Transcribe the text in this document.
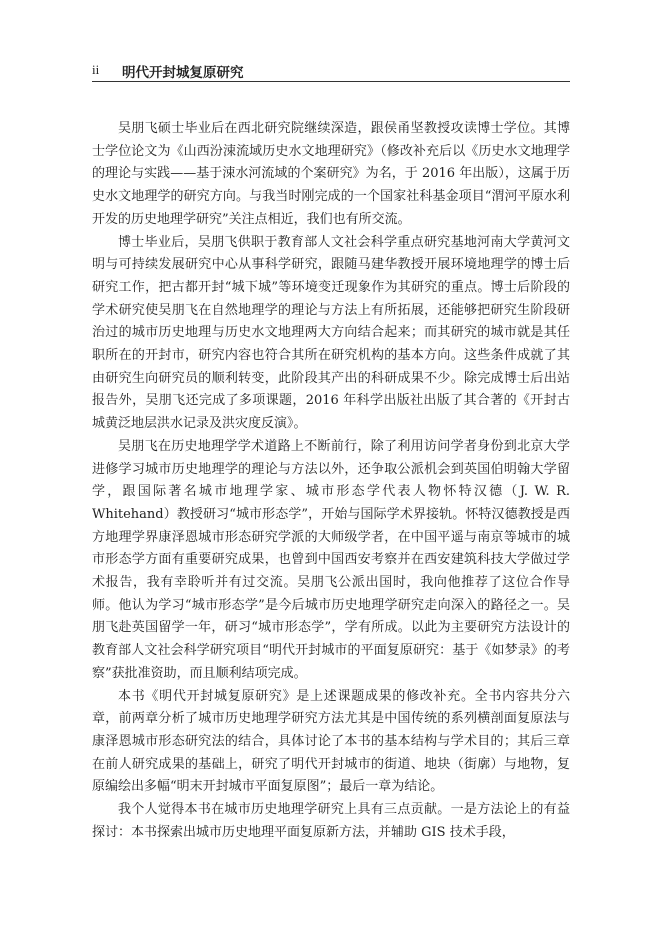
ii 明代开封城复原研究

吴朋飞硕士毕业后在西北研究院继续深造，跟侯甬坚教授攻读博士学位。其博士学位论文为《山西汾涑流域历史水文地理研究》（修改补充后以《历史水文地理学的理论与实践——基于涑水河流域的个案研究》为名，于 2016 年出版），这属于历史水文地理学的研究方向。与我当时刚完成的一个国家社科基金项目“渭河平原水利开发的历史地理学研究”关注点相近，我们也有所交流。

博士毕业后，吴朋飞供职于教育部人文社会科学重点研究基地河南大学黄河文明与可持续发展研究中心从事科学研究，跟随马建华教授开展环境地理学的博士后研究工作，把古都开封“城下城”等环境变迁现象作为其研究的重点。博士后阶段的学术研究使吴朋飞在自然地理学的理论与方法上有所拓展，还能够把研究生阶段研治过的城市历史地理与历史水文地理两大方向结合起来；而其研究的城市就是其任职所在的开封市，研究内容也符合其所在研究机构的基本方向。这些条件成就了其由研究生向研究员的顺利转变，此阶段其产出的科研成果不少。除完成博士后出站报告外，吴朋飞还完成了多项课题，2016 年科学出版社出版了其合著的《开封古城黄泛地层洪水记录及洪灾度反演》。

吴朋飞在历史地理学学术道路上不断前行，除了利用访问学者身份到北京大学进修学习城市历史地理学的理论与方法以外，还争取公派机会到英国伯明翰大学留学，跟国际著名城市地理学家、城市形态学代表人物怀特汉德（J. W. R. Whitehand）教授研习“城市形态学”，开始与国际学术界接轨。怀特汉德教授是西方地理学界康泽恩城市形态研究学派的大师级学者，在中国平遥与南京等城市的城市形态学方面有重要研究成果，也曾到中国西安考察并在西安建筑科技大学做过学术报告，我有幸聆听并有过交流。吴朋飞公派出国时，我向他推荐了这位合作导师。他认为学习“城市形态学”是今后城市历史地理学研究走向深入的路径之一。吴朋飞赴英国留学一年，研习“城市形态学”，学有所成。以此为主要研究方法设计的教育部人文社会科学研究项目“明代开封城市的平面复原研究：基于《如梦录》的考察”获批准资助，而且顺利结项完成。

本书《明代开封城复原研究》是上述课题成果的修改补充。全书内容共分六章，前两章分析了城市历史地理学研究方法尤其是中国传统的系列横剖面复原法与康泽恩城市形态研究法的结合，具体讨论了本书的基本结构与学术目的；其后三章在前人研究成果的基础上，研究了明代开封城市的街道、地块（街廓）与地物，复原编绘出多幅“明末开封城市平面复原图”；最后一章为结论。

我个人觉得本书在城市历史地理学研究上具有三点贡献。一是方法论上的有益探讨：本书探索出城市历史地理平面复原新方法，并辅助 GIS 技术手段，
